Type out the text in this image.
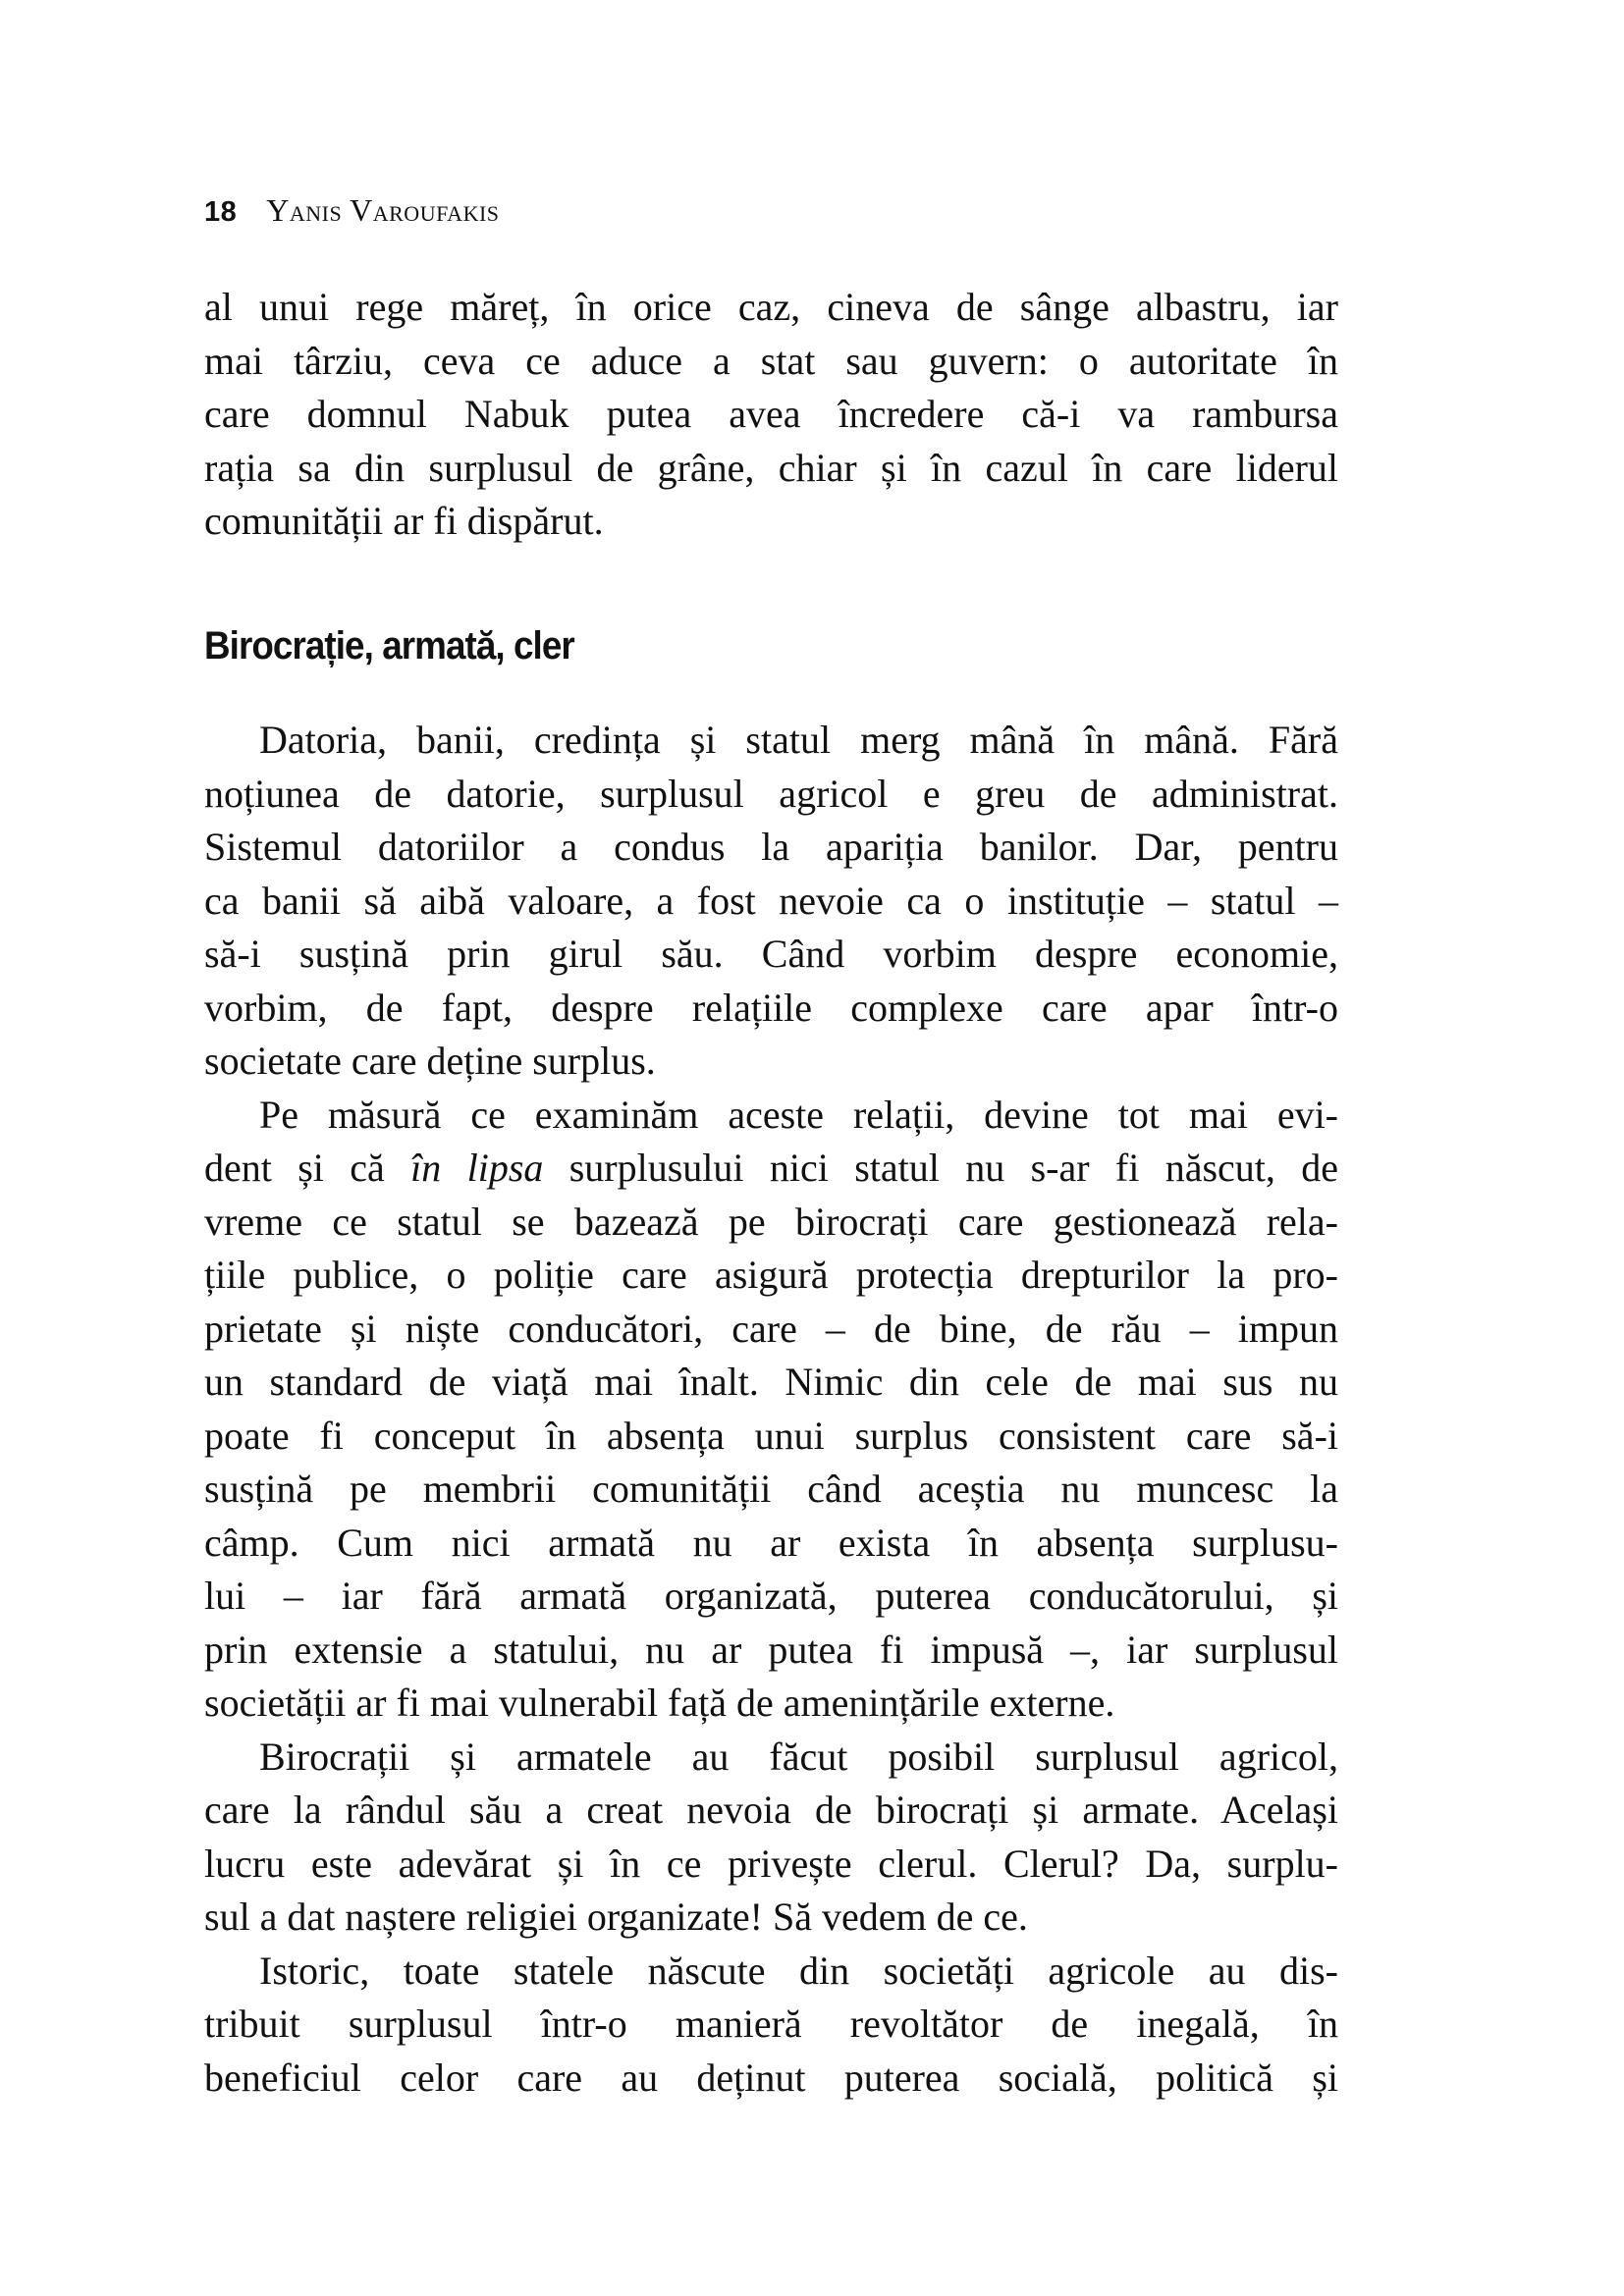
18 Yanis Varoufakis
al unui rege măreț, în orice caz, cineva de sânge albastru, iar
mai târziu, ceva ce aduce a stat sau guvern: o autoritate în
care domnul Nabuk putea avea încredere că-i va rambursa
rația sa din surplusul de grâne, chiar și în cazul în care liderul
comunității ar fi dispărut.
Birocrație, armată, cler
Datoria, banii, credința și statul merg mână în mână. Fără
noțiunea de datorie, surplusul agricol e greu de administrat.
Sistemul datoriilor a condus la apariția banilor. Dar, pentru
ca banii să aibă valoare, a fost nevoie ca o instituție – statul –
să-i susțină prin girul său. Când vorbim despre economie,
vorbim, de fapt, despre relațiile complexe care apar într-o
societate care deține surplus.
Pe măsură ce examinăm aceste relații, devine tot mai evi-
dent și că în lipsa surplusului nici statul nu s-ar fi născut, de
vreme ce statul se bazează pe birocrați care gestionează rela-
țiile publice, o poliție care asigură protecția drepturilor la pro-
prietate și niște conducători, care – de bine, de rău – impun
un standard de viață mai înalt. Nimic din cele de mai sus nu
poate fi conceput în absența unui surplus consistent care să-i
susțină pe membrii comunității când aceștia nu muncesc la
câmp. Cum nici armată nu ar exista în absența surplusu-
lui – iar fără armată organizată, puterea conducătorului, și
prin extensie a statului, nu ar putea fi impusă –, iar surplusul
societății ar fi mai vulnerabil față de amenințările externe.
Birocrații și armatele au făcut posibil surplusul agricol,
care la rândul său a creat nevoia de birocrați și armate. Același
lucru este adevărat și în ce privește clerul. Clerul? Da, surplu-
sul a dat naștere religiei organizate! Să vedem de ce.
Istoric, toate statele născute din societăți agricole au dis-
tribuit surplusul într-o manieră revoltător de inegală, în
beneficiul celor care au deținut puterea socială, politică și
